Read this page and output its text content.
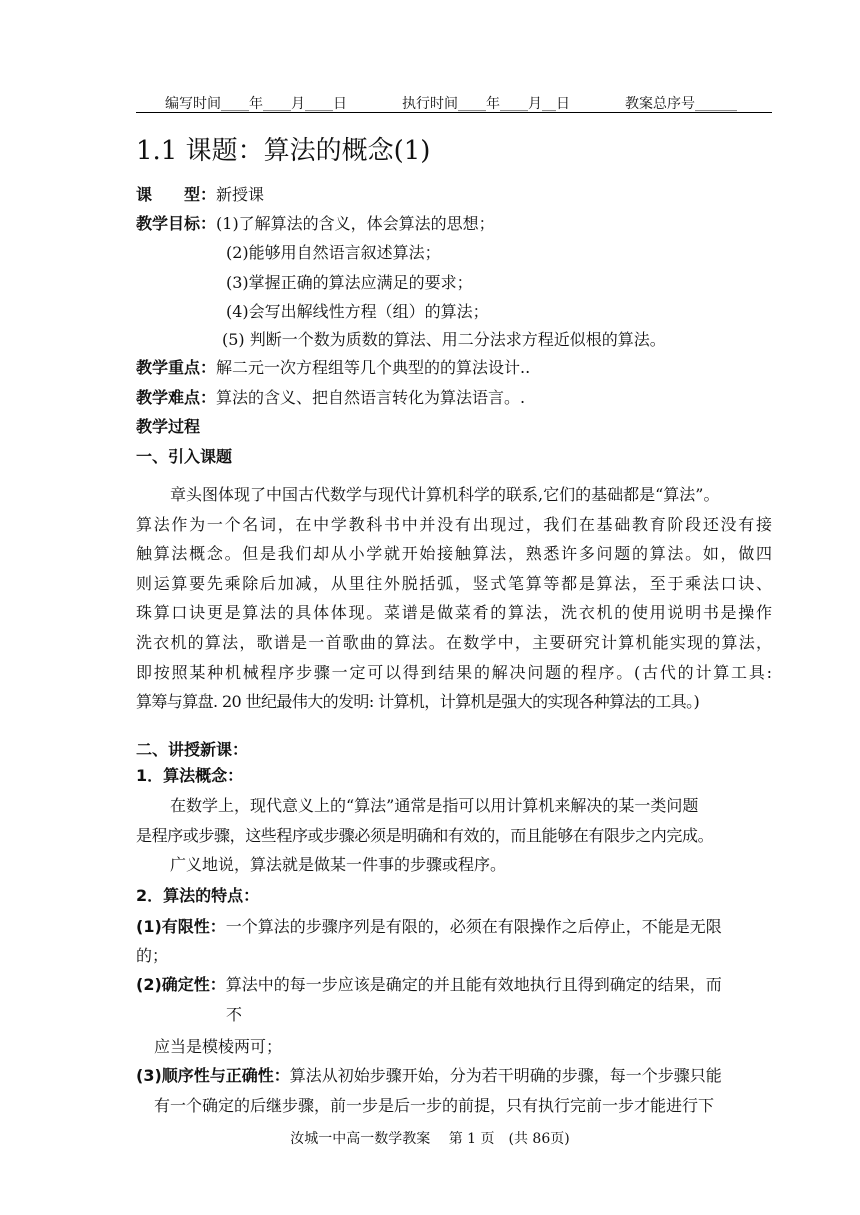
编写时间____年____月____日	执行时间____年____月__日	教案总序号______
1.1 课题：算法的概念(1)
课　　型：新授课
教学目标：(1)了解算法的含义，体会算法的思想；
(2)能够用自然语言叙述算法；
(3)掌握正确的算法应满足的要求；
(4)会写出解线性方程（组）的算法；
(5) 判断一个数为质数的算法、用二分法求方程近似根的算法。
教学重点：解二元一次方程组等几个典型的的算法设计..
教学难点：算法的含义、把自然语言转化为算法语言。.
教学过程
一、引入课题
章头图体现了中国古代数学与现代计算机科学的联系,它们的基础都是“算法”。
算法作为一个名词，在中学教科书中并没有出现过，我们在基础教育阶段还没有接
触算法概念。但是我们却从小学就开始接触算法，熟悉许多问题的算法。如，做四
则运算要先乘除后加减，从里往外脱括弧，竖式笔算等都是算法，至于乘法口诀、
珠算口诀更是算法的具体体现。菜谱是做菜肴的算法，洗衣机的使用说明书是操作
洗衣机的算法，歌谱是一首歌曲的算法。在数学中，主要研究计算机能实现的算法，
即按照某种机械程序步骤一定可以得到结果的解决问题的程序。(古代的计算工具:
算筹与算盘. 20 世纪最伟大的发明: 计算机，计算机是强大的实现各种算法的工具。)
二、讲授新课：
1．算法概念：
在数学上，现代意义上的“算法”通常是指可以用计算机来解决的某一类问题
是程序或步骤，这些程序或步骤必须是明确和有效的，而且能够在有限步之内完成。
广义地说，算法就是做某一件事的步骤或程序。
2．算法的特点：
(1)有限性：一个算法的步骤序列是有限的，必须在有限操作之后停止，不能是无限
的；
(2)确定性：算法中的每一步应该是确定的并且能有效地执行且得到确定的结果，而
不
应当是模棱两可；
(3)顺序性与正确性：算法从初始步骤开始，分为若干明确的步骤，每一个步骤只能
有一个确定的后继步骤，前一步是后一步的前提，只有执行完前一步才能进行下
汝城一中高一数学教案　 第 1 页　(共 86页)
